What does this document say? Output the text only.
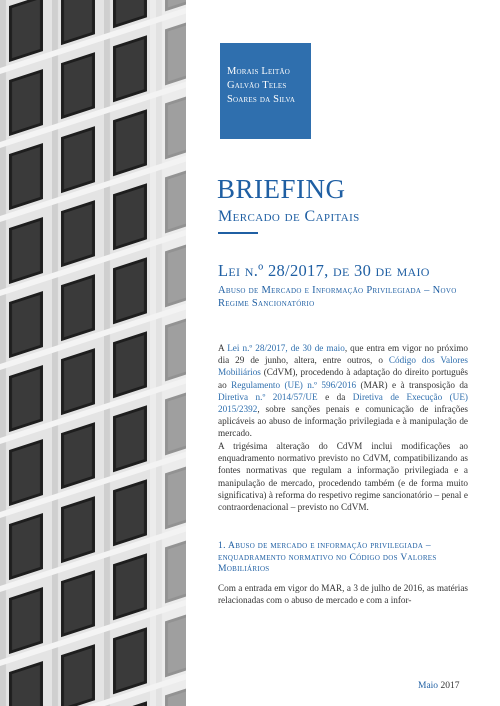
Morais Leitão
Galvão Teles
Soares da Silva
BRIEFING
Mercado de Capitais
Lei n.º 28/2017, de 30 de maio
Abuso de Mercado e Informação Privilegiada – Novo Regime Sancionatório
A Lei n.º 28/2017, de 30 de maio, que entra em vigor no próximo dia 29 de junho, altera, entre outros, o Código dos Valores Mobiliários (CdVM), procedendo à adaptação do direito português ao Regulamento (UE) n.º 596/2016 (MAR) e à transposição da Diretiva n.º 2014/57/UE e da Diretiva de Execução (UE) 2015/2392, sobre sanções penais e comunicação de infrações aplicáveis ao abuso de informação privilegiada e à manipulação de mercado.
A trigésima alteração do CdVM inclui modificações ao enquadramento normativo previsto no CdVM, compatibilizando as fontes normativas que regulam a informação privilegiada e a manipulação de mercado, procedendo também (e de forma muito significativa) à reforma do respetivo regime sancionatório – penal e contraordenacional – previsto no CdVM.
1. Abuso de mercado e informação privilegiada – enquadramento normativo no Código dos Valores Mobiliários
Com a entrada em vigor do MAR, a 3 de julho de 2016, as matérias relacionadas com o abuso de mercado e com a infor-
Maio 2017
